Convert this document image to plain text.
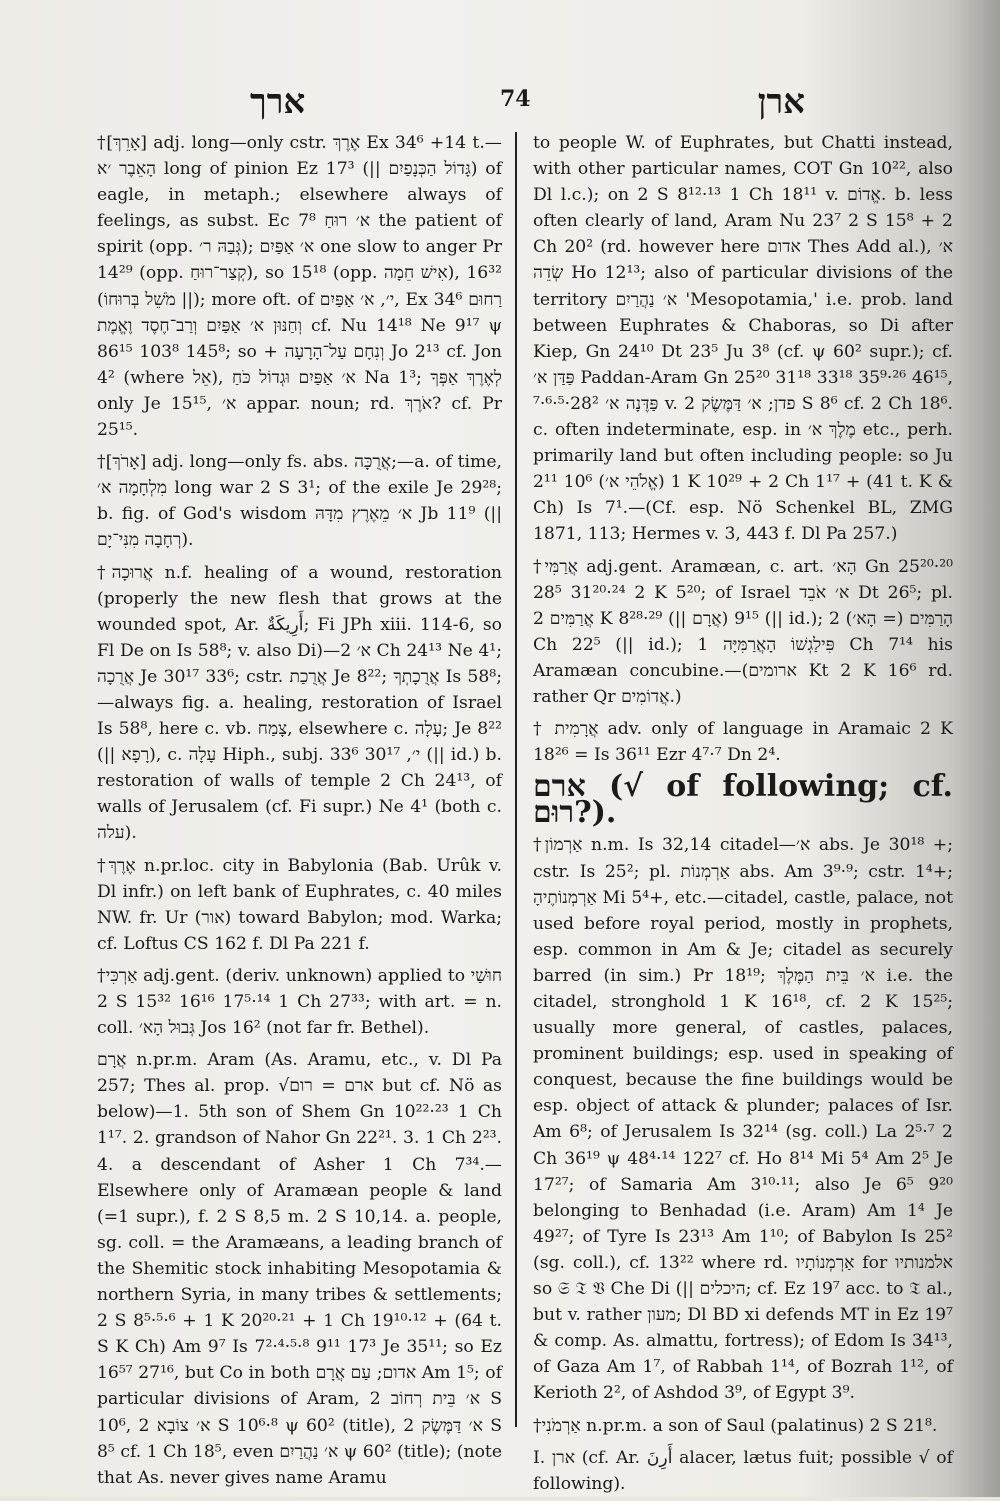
ארך	74	ארן

†[אָרֵךְ] adj. long—only cstr. אֶרֶךְ Ex 34⁶ +14 t.—הָאֵבֶר ׳א long of pinion Ez 17³ (|| גָּדוֹל הַכְּנָפַיִם) of eagle, in metaph.; elsewhere always of feelings, as subst. Ec 7⁸ א׳ רוּחַ the patient of spirit (opp. גְּבַהּ ר׳); א׳ אַפַּיִם one slow to anger Pr 14²⁹ (opp. קְצַר־רוּחַ), so 15¹⁸ (opp. אִישׁ חֵמָה), 16³² (|| מֹשֵׁל בְּרוּחוֹ); more oft. of י׳, א׳ אַפַּיִם, Ex 34⁶ רַחוּם וְחַנּוּן א׳ אַפַּיִם וְרַב־חֶסֶד וֶאֱמֶת cf. Nu 14¹⁸ Ne 9¹⁷ ψ 86¹⁵ 103⁸ 145⁸; so + וְנִחָם עַל־הָרָעָה Jo 2¹³ cf. Jon 4² (where אֵל), א׳ אַפַּיִם וּגְדוֹל כֹּחַ Na 1³; לְאֶרֶךְ אַפְּךָ only Je 15¹⁵, א׳ appar. noun; rd. אֹרֶךְ? cf. Pr 25¹⁵.

†[אָרֹךְ] adj. long—only fs. abs. אֲרֻכָּה;—a. of time, מִלְחָמָה א׳ long war 2 S 3¹; of the exile Je 29²⁸; b. fig. of God's wisdom א׳ מֵאֶרֶץ מִדָּהּ Jb 11⁹ (|| רְחָבָה מִנִּי־יָם).

†אֲרוּכָה n.f. healing of a wound, restoration (properly the new flesh that grows at the wounded spot, Ar. أَرِيكَةٌ; Fi JPh xiii. 114-6, so Fl De on Is 58⁸; v. also Di)—א׳ 2 Ch 24¹³ Ne 4¹; אֲרֻכָה Je 30¹⁷ 33⁶; cstr. אֲרֻכַת Je 8²²; אֲרֻכָתְךָ Is 58⁸;—always fig. a. healing, restoration of Israel Is 58⁸, here c. vb. צָמַח, elsewhere c. עָלָה; Je 8²² (|| רָפָא), c. עָלָה Hiph., subj. י׳, 30¹⁷ 33⁶ (|| id.) b. restoration of walls of temple 2 Ch 24¹³, of walls of Jerusalem (cf. Fi supr.) Ne 4¹ (both c. עלה).

†אֶרֶךְ n.pr.loc. city in Babylonia (Bab. Urûk v. Dl infr.) on left bank of Euphrates, c. 40 miles NW. fr. Ur (אור) toward Babylon; mod. Warka; cf. Loftus CS 162 f. Dl Pa 221 f.

†אַרְכִּי adj.gent. (deriv. unknown) applied to חוּשַׁי 2 S 15³² 16¹⁶ 17⁵·¹⁴ 1 Ch 27³³; with art. = n. coll. גְּבוּל הָא׳ Jos 16² (not far fr. Bethel).

אֲרָם n.pr.m. Aram (As. Aramu, etc., v. Dl Pa 257; Thes al. prop. √ארם = רום but cf. Nö as below)—1. 5th son of Shem Gn 10²²·²³ 1 Ch 1¹⁷. 2. grandson of Nahor Gn 22²¹. 3. 1 Ch 2²³. 4. a descendant of Asher 1 Ch 7³⁴.—Elsewhere only of Aramæan people & land (=1 supr.), f. 2 S 8,5 m. 2 S 10,14. a. people, sg. coll. = the Aramæans, a leading branch of the Shemitic stock inhabiting Mesopotamia & northern Syria, in many tribes & settlements; 2 S 8⁵·⁵·⁶ + 1 K 20²⁰·²¹ + 1 Ch 19¹⁰·¹² + (64 t. S K Ch) Am 9⁷ Is 7²·⁴·⁵·⁸ 9¹¹ 17³ Je 35¹¹; so Ez 16⁵⁷ 27¹⁶, but Co in both אדום; עַם אֲרָם Am 1⁵; of particular divisions of Aram, א׳ בֵּית רְחוֹב 2 S 10⁶, א׳ צוֹבָא 2 S 10⁶·⁸ ψ 60² (title), א׳ דַּמֶּשֶׂק 2 S 8⁵ cf. 1 Ch 18⁵, even א׳ נַהֲרַיִם ψ 60² (title); (note that As. never gives name Aramu

to people W. of Euphrates, but Chatti instead, with other particular names, COT Gn 10²², also Dl l.c.); on 2 S 8¹²·¹³ 1 Ch 18¹¹ v. אֱדוֹם. b. less often clearly of land, Aram Nu 23⁷ 2 S 15⁸ + 2 Ch 20² (rd. however here אדום Thes Add al.), א׳ שְׂדֵה Ho 12¹³; also of particular divisions of the territory א׳ נַהֲרַיִם 'Mesopotamia,' i.e. prob. land between Euphrates & Chaboras, so Di after Kiep, Gn 24¹⁰ Dt 23⁵ Ju 3⁸ (cf. ψ 60² supr.); cf. פַּדַּן א׳ Paddan-Aram Gn 25²⁰ 31¹⁸ 33¹⁸ 35⁹·²⁶ 46¹⁵, פַּדֶּנָה א׳ 28²·⁵·⁶·⁷ v. פדן; א׳ דַּמֶּשֶׂק 2 S 8⁶ cf. 2 Ch 18⁶. c. often indeterminate, esp. in מֶלֶךְ א׳ etc., perh. primarily land but often including people: so Ju 2¹¹ 10⁶ (אֱלֹהֵי א׳) 1 K 10²⁹ + 2 Ch 1¹⁷ + (41 t. K & Ch) Is 7¹.—(Cf. esp. Nö Schenkel BL, ZMG 1871, 113; Hermes v. 3, 443 f. Dl Pa 257.)

†אֲרַמִּי adj.gent. Aramæan, c. art. הָא׳ Gn 25²⁰·²⁰ 28⁵ 31²⁰·²⁴ 2 K 5²⁰; of Israel א׳ אֹבֵד Dt 26⁵; pl. אֲרַמִּים 2 K 8²⁸·²⁹ (|| אֲרָם) 9¹⁵ (|| id.); הָרַמִּים (= הָא׳) 2 Ch 22⁵ (|| id.); פִּילַגְשׁוֹ הָאֲרַמִּיָּה 1 Ch 7¹⁴ his Aramæan concubine.—(ארומים Kt 2 K 16⁶ rd. rather Qr אֲדוֹמִים.)

† אֲרָמִית adv. only of language in Aramaic 2 K 18²⁶ = Is 36¹¹ Ezr 4⁷·⁷ Dn 2⁴.

ארם (√ of following; cf. רוּם?).

†אַרְמוֹן n.m. Is 32,14 citadel—א׳ abs. Je 30¹⁸ +; cstr. Is 25²; pl. אַרְמְנוֹת abs. Am 3⁹·⁹; cstr. 1⁴+; אַרְמְנוֹתֶיהָ Mi 5⁴+, etc.—citadel, castle, palace, not used before royal period, mostly in prophets, esp. common in Am & Je; citadel as securely barred (in sim.) Pr 18¹⁹; א׳ בֵּית הַמֶּלֶךְ i.e. the citadel, stronghold 1 K 16¹⁸, cf. 2 K 15²⁵; usually more general, of castles, palaces, prominent buildings; esp. used in speaking of conquest, because the fine buildings would be esp. object of attack & plunder; palaces of Isr. Am 6⁸; of Jerusalem Is 32¹⁴ (sg. coll.) La 2⁵·⁷ 2 Ch 36¹⁹ ψ 48⁴·¹⁴ 122⁷ cf. Ho 8¹⁴ Mi 5⁴ Am 2⁵ Je 17²⁷; of Samaria Am 3¹⁰·¹¹; also Je 6⁵ 9²⁰ belonging to Benhadad (i.e. Aram) Am 1⁴ Je 49²⁷; of Tyre Is 23¹³ Am 1¹⁰; of Babylon Is 25² (sg. coll.), cf. 13²² where rd. אַרְמְנוֹתָיו for אלמנותיו so 𝔖 𝔗 𝔙 Che Di (|| היכלים; cf. Ez 19⁷ acc. to 𝔗 al., but v. rather מעון; Dl BD xi defends MT in Ez 19⁷ & comp. As. almattu, fortress); of Edom Is 34¹³, of Gaza Am 1⁷, of Rabbah 1¹⁴, of Bozrah 1¹², of Kerioth 2², of Ashdod 3⁹, of Egypt 3⁹.

†אַרְמֹנִי n.pr.m. a son of Saul (palatinus) 2 S 21⁸.

I. ארן (cf. Ar. أَرِنَ alacer, lætus fuit; possible √ of following).
